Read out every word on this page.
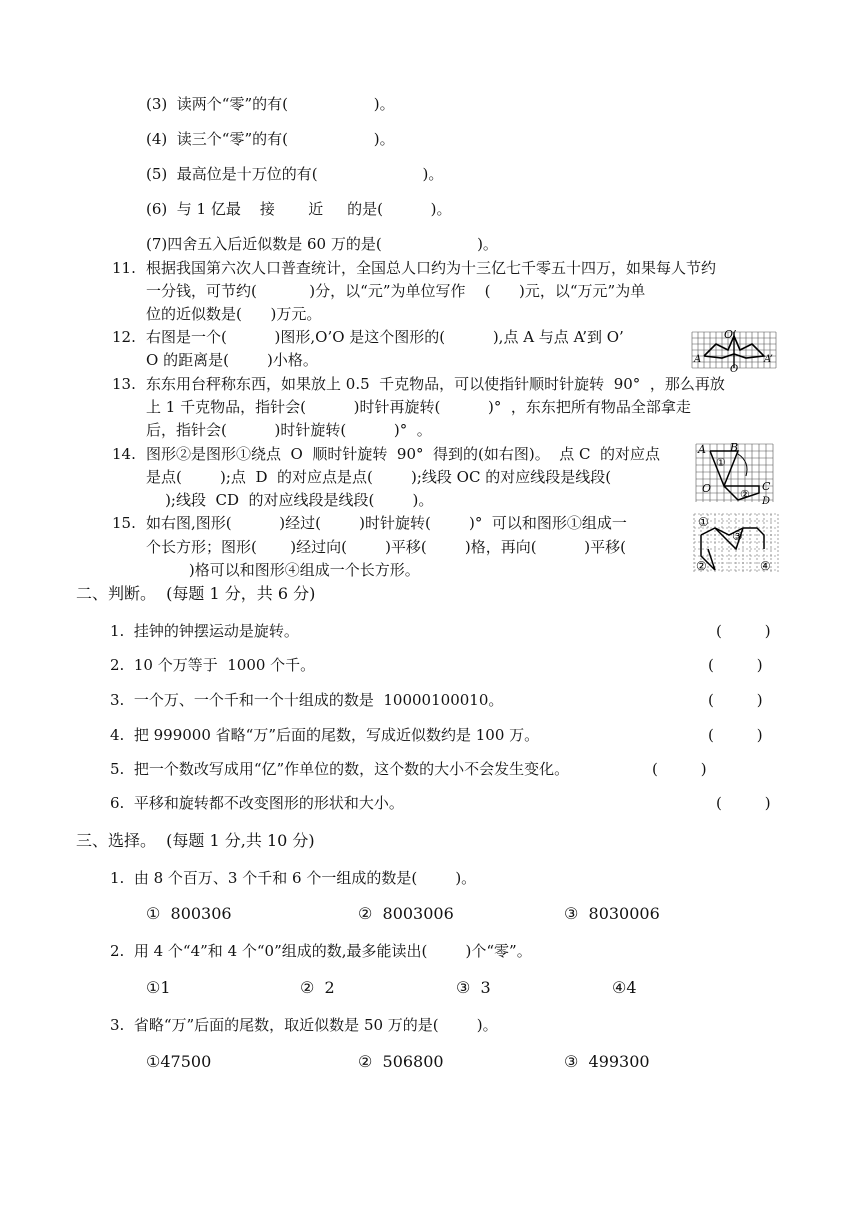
(3)  读两个“零”的有(                  )。
(4)  读三个“零”的有(                  )。
(5)  最高位是十万位的有(                      )。
(6)  与 1 亿最    接       近     的是(          )。
(7)四舍五入后近似数是 60 万的是(                    )。
11. 根据我国第六次人口普查统计，全国总人口约为十三亿七千零五十四万，如果每人节约
一分钱，可节约(           )分，以“元”为单位写作    (      )元，以“万元”为单
位的近似数是(      )万元。
12. 右图是一个(          )图形,O’O 是这个图形的(          ),点 A 与点 A’到 O’
O 的距离是(        )小格。
13. 东东用台秤称东西，如果放上 0.5  千克物品，可以使指针顺时针旋转  90°  ，那么再放
上 1 千克物品，指针会(          )时针再旋转(          )°  ，东东把所有物品全部拿走
后，指针会(          )时针旋转(          )°  。
14. 图形②是图形①绕点  O  顺时针旋转  90°  得到的(如右图)。  点 C  的对应点
是点(        );点  D  的对应点是点(        );线段 OC 的对应线段是线段(
);线段  CD  的对应线段是线段(        )。
15. 如右图,图形(          )经过(        )时针旋转(        )°  可以和图形①组成一
个长方形；图形(       )经过向(        )平移(        )格，再向(          )平移(
)格可以和图形④组成一个长方形。
O’
A	A’
O
A B
①
O	②
C
D
①
③
②	④
二、判断。  (每题 1 分，共 6 分)
1.  挂钟的钟摆运动是旋转。	(         )
2.  10 个万等于  1000 个千。	(         )
3.  一个万、一个千和一个十组成的数是  10000100010。	(         )
4.  把 999000 省略“万”后面的尾数，写成近似数约是 100 万。	(         )
5.  把一个数改写成用“亿”作单位的数，这个数的大小不会发生变化。	(         )
6.  平移和旋转都不改变图形的形状和大小。	(         )
三、选择。  (每题 1 分,共 10 分)
1.  由 8 个百万、3 个千和 6 个一组成的数是(        )。
①  800306	②  8003006	③  8030006
2.  用 4 个“4”和 4 个“0”组成的数,最多能读出(        )个“零”。
①1	②  2	③  3	④4
3.  省略“万”后面的尾数，取近似数是 50 万的是(        )。
①47500	②  506800	③  499300
